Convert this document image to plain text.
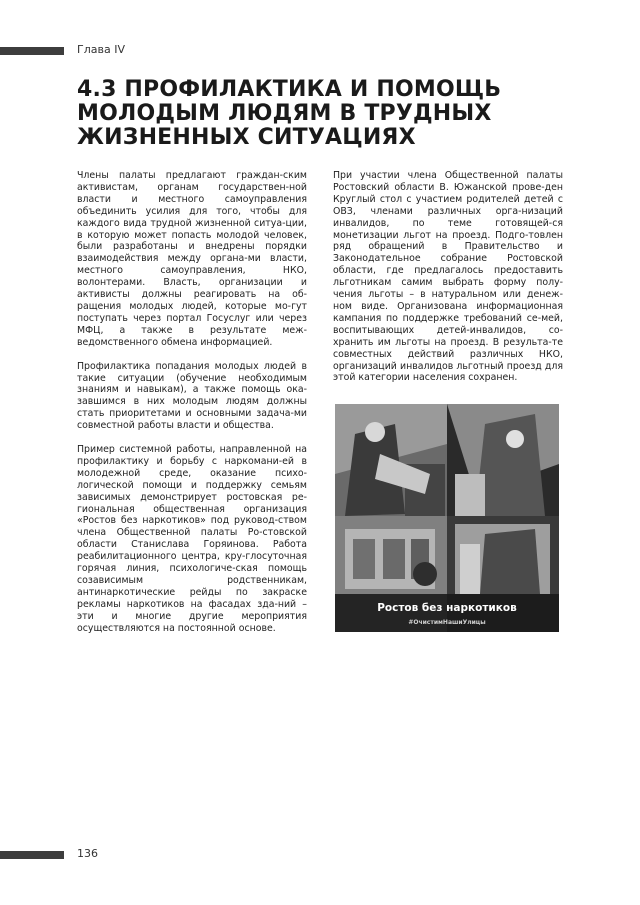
Глава IV
4.3 ПРОФИЛАКТИКА И ПОМОЩЬ
МОЛОДЫМ ЛЮДЯМ В ТРУДНЫХ
ЖИЗНЕННЫХ СИТУАЦИЯХ

Члены палаты предлагают граждан-ским активистам, органам государствен-ной власти и местного самоуправления объединить усилия для того, чтобы для каждого вида трудной жизненной ситуа-ции, в которую может попасть молодой человек, были разработаны и внедрены порядки взаимодействия между органа-ми власти, местного самоуправления, НКО, волонтерами. Власть, организации и активисты должны реагировать на об-ращения молодых людей, которые мо-гут поступать через портал Госуслуг или через МФЦ, а также в результате меж-ведомственного обмена информацией.

Профилактика попадания молодых людей в такие ситуации (обучение необходимым знаниям и навыкам), а также помощь ока-завшимся в них молодым людям должны стать приоритетами и основными задача-ми совместной работы власти и общества.

Пример системной работы, направленной на профилактику и борьбу с наркомани-ей в молодежной среде, оказание психо-логической помощи и поддержку семьям зависимых демонстрирует ростовская ре-гиональная общественная организация «Ростов без наркотиков» под руковод-ством члена Общественной палаты Ро-стовской области Станислава Горяинова. Работа реабилитационного центра, кру-глосуточная горячая линия, психологиче-ская помощь созависимым родственникам, антинаркотические рейды по закраске рекламы наркотиков на фасадах зда-ний – эти и многие другие мероприятия осуществляются на постоянной основе.

При участии члена Общественной палаты Ростовский области В. Южанской прове-ден Круглый стол с участием родителей детей с ОВЗ, членами различных орга-низаций инвалидов, по теме готовящей-ся монетизации льгот на проезд. Подго-товлен ряд обращений в Правительство и Законодательное собрание Ростовской области, где предлагалось предоставить льготникам самим выбрать форму полу-чения льготы – в натуральном или денеж-ном виде. Организована информационная кампания по поддержке требований се-мей, воспитывающих детей-инвалидов, со-хранить им льготы на проезд. В результа-те совместных действий различных НКО, организаций инвалидов льготный проезд для этой категории населения сохранен.

Ростов без наркотиков
#ОчистимНашиУлицы
136
